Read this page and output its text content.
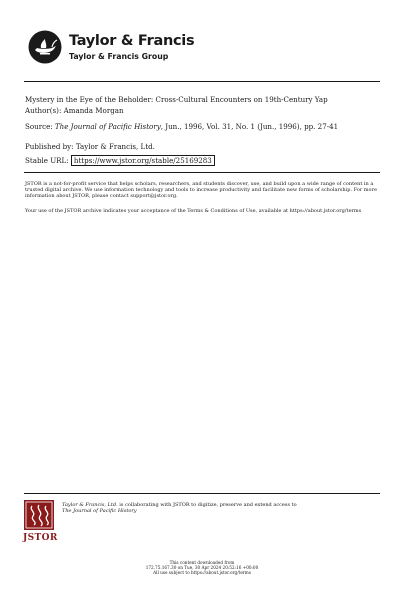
Taylor & Francis
Taylor & Francis Group
Mystery in the Eye of the Beholder: Cross-Cultural Encounters on 19th-Century Yap
Author(s): Amanda Morgan
Source: The Journal of Pacific History, Jun., 1996, Vol. 31, No. 1 (Jun., 1996), pp. 27-41
Published by: Taylor & Francis, Ltd.
Stable URL: https://www.jstor.org/stable/25169283
JSTOR is a not-for-profit service that helps scholars, researchers, and students discover, use, and build upon a wide range of content in a trusted digital archive. We use information technology and tools to increase productivity and facilitate new forms of scholarship. For more information about JSTOR, please contact support@jstor.org.
Your use of the JSTOR archive indicates your acceptance of the Terms & Conditions of Use, available at https://about.jstor.org/terms
JSTOR
Taylor & Francis, Ltd. is collaborating with JSTOR to digitize, preserve and extend access to
The Journal of Pacific History
This content downloaded from
172.75.167.30 on Tue, 30 Apr 2024 20:52:16 +00:00
All use subject to https://about.jstor.org/terms
